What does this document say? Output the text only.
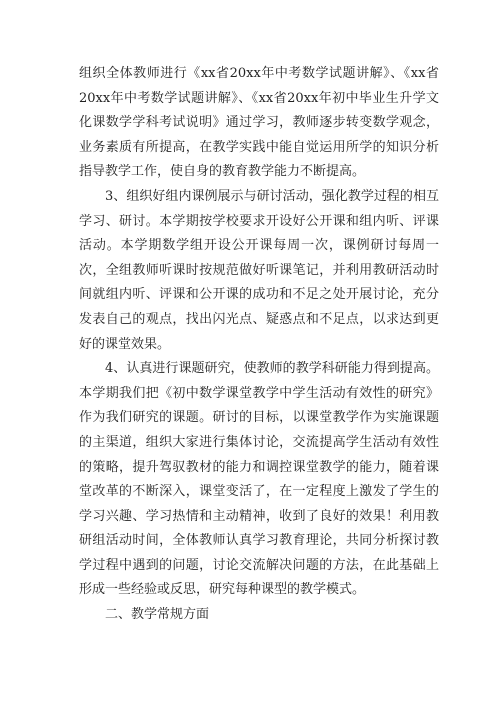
组织全体教师进行《xx省20xx年中考数学试题讲解》、《xx省20xx年中考数学试题讲解》、《xx省20xx年初中毕业生升学文化课数学学科考试说明》通过学习，教师逐步转变数学观念，业务素质有所提高，在教学实践中能自觉运用所学的知识分析指导教学工作，使自身的教育教学能力不断提高。

3、组织好组内课例展示与研讨活动，强化教学过程的相互学习、研讨。本学期按学校要求开设好公开课和组内听、评课活动。本学期数学组开设公开课每周一次，课例研讨每周一次，全组教师听课时按规范做好听课笔记，并利用教研活动时间就组内听、评课和公开课的成功和不足之处开展讨论，充分发表自己的观点，找出闪光点、疑惑点和不足点，以求达到更好的课堂效果。

4、认真进行课题研究，使教师的教学科研能力得到提高。本学期我们把《初中数学课堂教学中学生活动有效性的研究》作为我们研究的课题。研讨的目标，以课堂教学作为实施课题的主渠道，组织大家进行集体讨论，交流提高学生活动有效性的策略，提升驾驭教材的能力和调控课堂教学的能力，随着课堂改革的不断深入，课堂变活了，在一定程度上激发了学生的学习兴趣、学习热情和主动精神，收到了良好的效果！利用教研组活动时间，全体教师认真学习教育理论，共同分析探讨教学过程中遇到的问题，讨论交流解决问题的方法，在此基础上形成一些经验或反思，研究每种课型的教学模式。

二、教学常规方面
